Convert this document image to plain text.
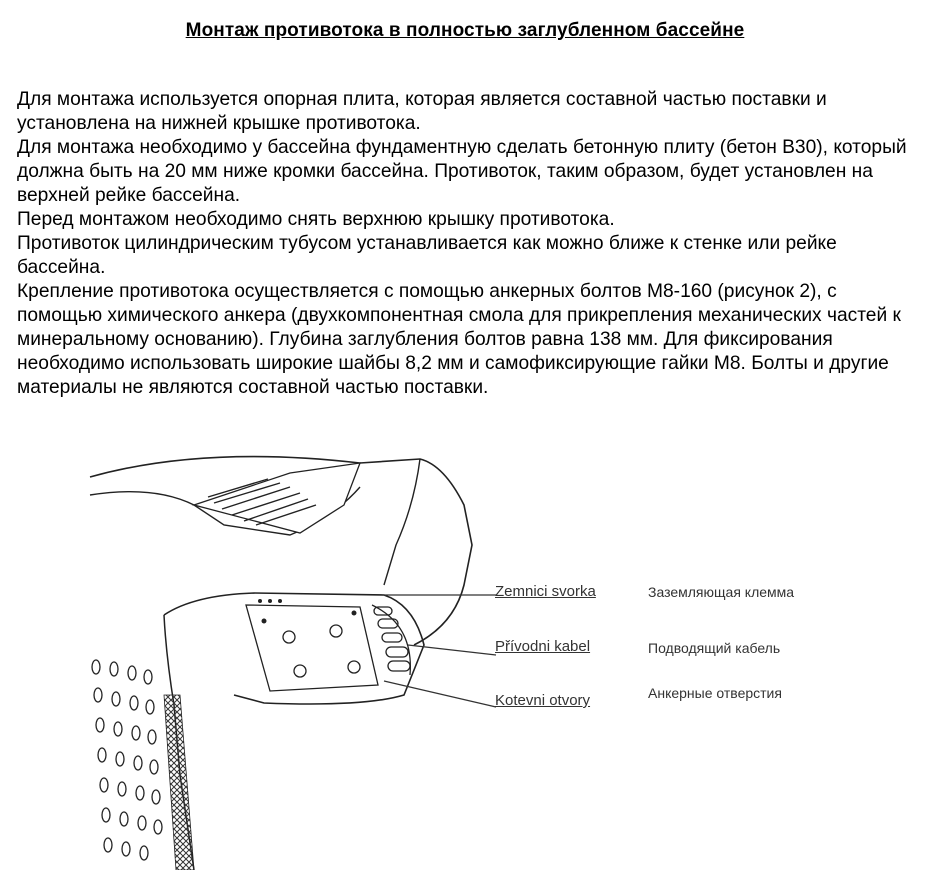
Монтаж противотока в полностью заглубленном бассейне

Для монтажа используется опорная плита, которая является составной частью поставки и установлена на нижней крышке противотока.

Для монтажа необходимо у бассейна фундаментную сделать бетонную плиту (бетон В30), который должна быть на 20 мм ниже кромки бассейна. Противоток, таким образом, будет установлен на верхней рейке бассейна.

Перед монтажом необходимо снять верхнюю крышку противотока.

Противоток цилиндрическим тубусом устанавливается как можно ближе к стенке или рейке бассейна.

Крепление противотока осуществляется с помощью анкерных болтов М8-160 (рисунок 2), с помощью химического анкера (двухкомпонентная смола для прикрепления механических частей к минеральному основанию). Глубина заглубления болтов равна 138 мм. Для фиксирования необходимо использовать широкие шайбы 8,2 мм и самофиксирующие гайки М8. Болты и другие материалы не являются составной частью поставки.

Zemnici svorka
Přívodni kabel
Kotevni otvory
Заземляющая клемма
Подводящий кабель
Анкерные отверстия
